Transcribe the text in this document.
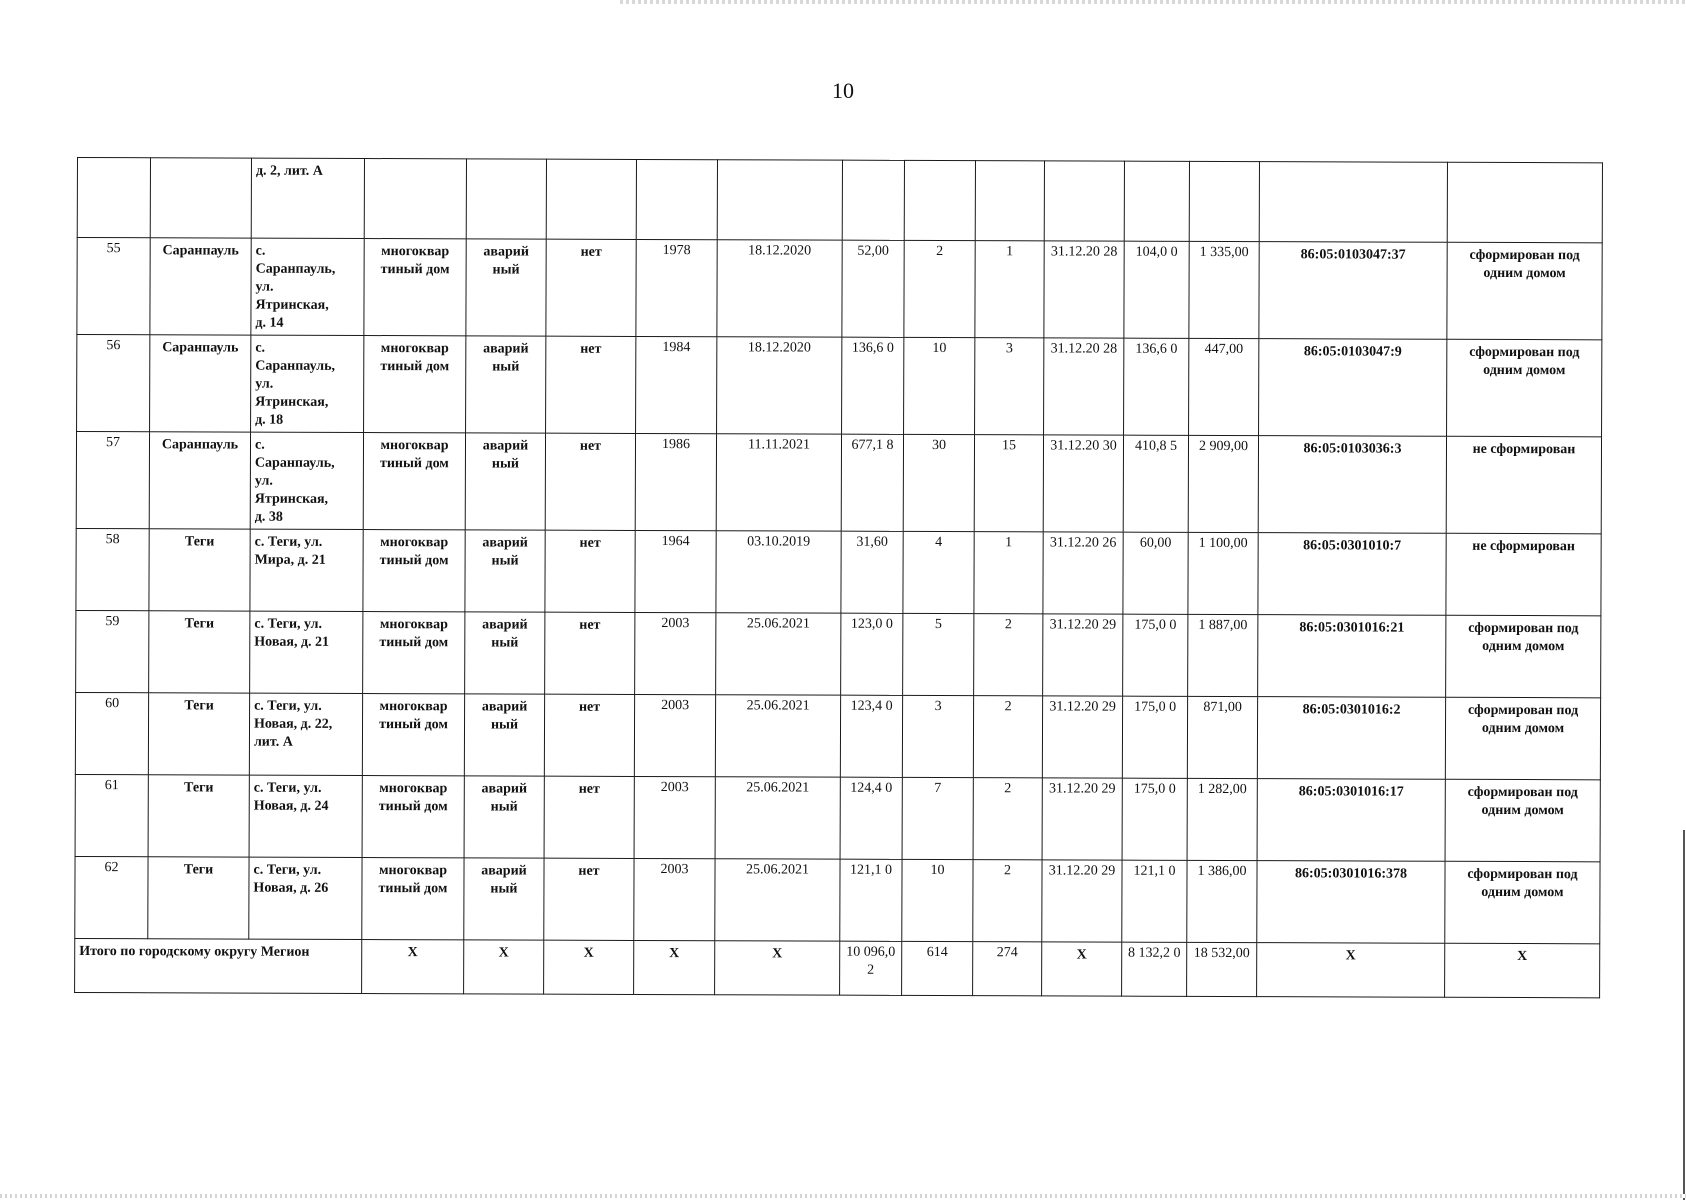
10
		д. 2, лит. А													
55	Саранпауль	с.
Саранпауль,
ул.
Ятринская,
д. 14	многоквар тиный дом	аварий ный	нет	1978	18.12.2020	52,00	2	1	31.12.20 28	104,0 0	1 335,00	86:05:0103047:37	сформирован под одним домом
56	Саранпауль	с.
Саранпауль,
ул.
Ятринская,
д. 18	многоквар тиный дом	аварий ный	нет	1984	18.12.2020	136,6 0	10	3	31.12.20 28	136,6 0	447,00	86:05:0103047:9	сформирован под одним домом
57	Саранпауль	с.
Саранпауль,
ул.
Ятринская,
д. 38	многоквар тиный дом	аварий ный	нет	1986	11.11.2021	677,1 8	30	15	31.12.20 30	410,8 5	2 909,00	86:05:0103036:3	не сформирован
58	Теги	с. Теги, ул.
Мира, д. 21	многоквар тиный дом	аварий ный	нет	1964	03.10.2019	31,60	4	1	31.12.20 26	60,00	1 100,00	86:05:0301010:7	не сформирован
59	Теги	с. Теги, ул.
Новая, д. 21	многоквар тиный дом	аварий ный	нет	2003	25.06.2021	123,0 0	5	2	31.12.20 29	175,0 0	1 887,00	86:05:0301016:21	сформирован под одним домом
60	Теги	с. Теги, ул.
Новая, д. 22,
лит. А	многоквар тиный дом	аварий ный	нет	2003	25.06.2021	123,4 0	3	2	31.12.20 29	175,0 0	871,00	86:05:0301016:2	сформирован под одним домом
61	Теги	с. Теги, ул.
Новая, д. 24	многоквар тиный дом	аварий ный	нет	2003	25.06.2021	124,4 0	7	2	31.12.20 29	175,0 0	1 282,00	86:05:0301016:17	сформирован под одним домом
62	Теги	с. Теги, ул.
Новая, д. 26	многоквар тиный дом	аварий ный	нет	2003	25.06.2021	121,1 0	10	2	31.12.20 29	121,1 0	1 386,00	86:05:0301016:378	сформирован под одним домом
Итого по городскому округу Мегион			Х	Х	Х	Х	Х	10 096,0 2	614	274	Х	8 132,2 0	18 532,00	Х	Х
